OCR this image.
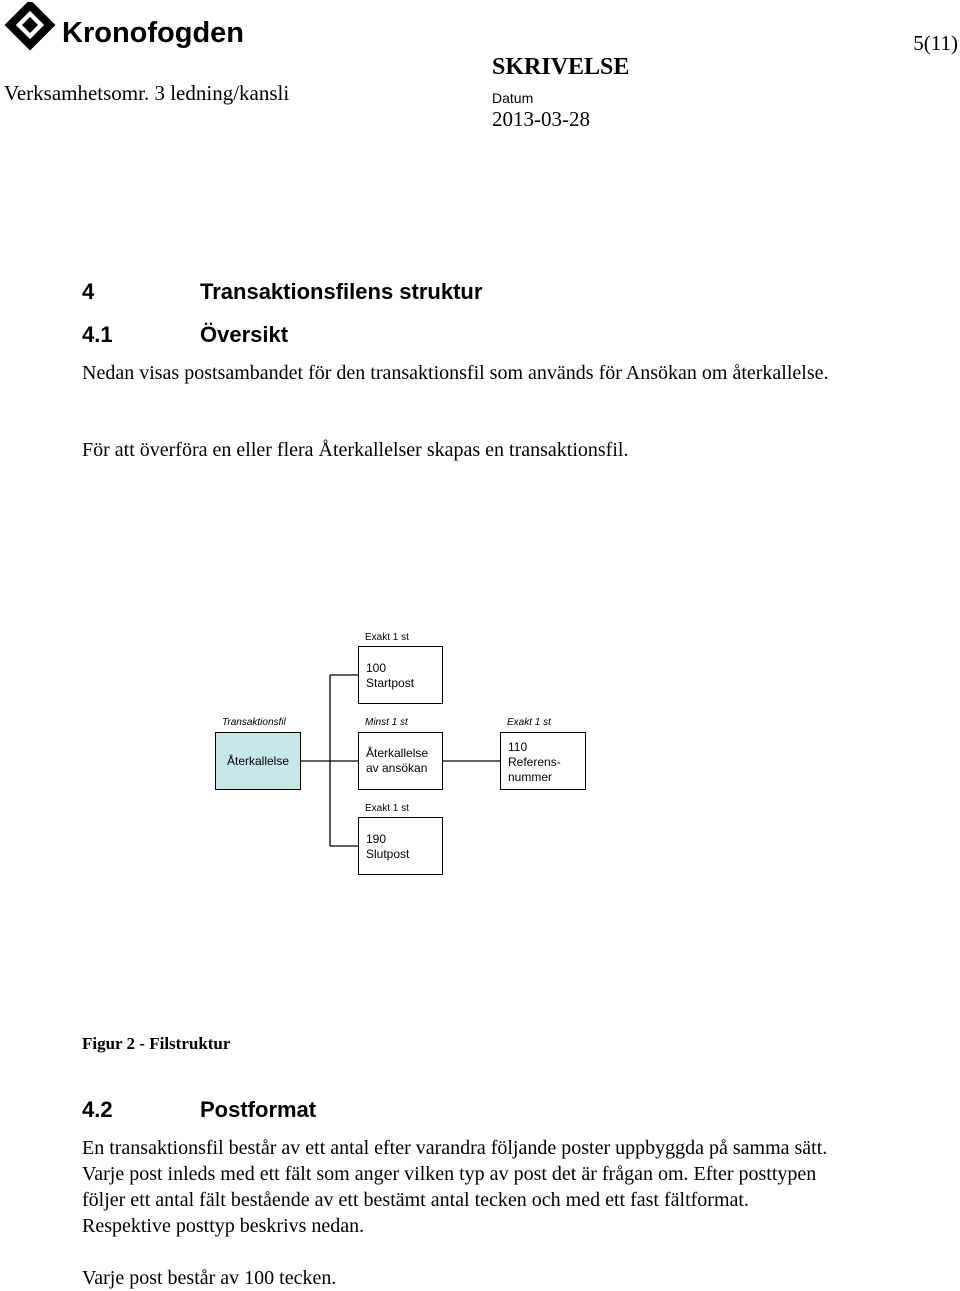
Kronofogden	5(11)
Verksamhetsomr. 3 ledning/kansli
SKRIVELSE
Datum
2013-03-28
4	Transaktionsfilens struktur
4.1	Översikt
Nedan visas postsambandet för den transaktionsfil som används för Ansökan om återkallelse.
För att överföra en eller flera Återkallelser skapas en transaktionsfil.
Exakt 1 st
100
Startpost
Transaktionsfil
Återkallelse
Minst 1 st
Återkallelse
av ansökan
Exakt 1 st
110
Referens-
nummer
Exakt 1 st
190
Slutpost
Figur 2 - Filstruktur
4.2	Postformat
En transaktionsfil består av ett antal efter varandra följande poster uppbyggda på samma sätt. Varje post inleds med ett fält som anger vilken typ av post det är frågan om. Efter posttypen följer ett antal fält bestående av ett bestämt antal tecken och med ett fast fältformat. Respektive posttyp beskrivs nedan.
Varje post består av 100 tecken.
